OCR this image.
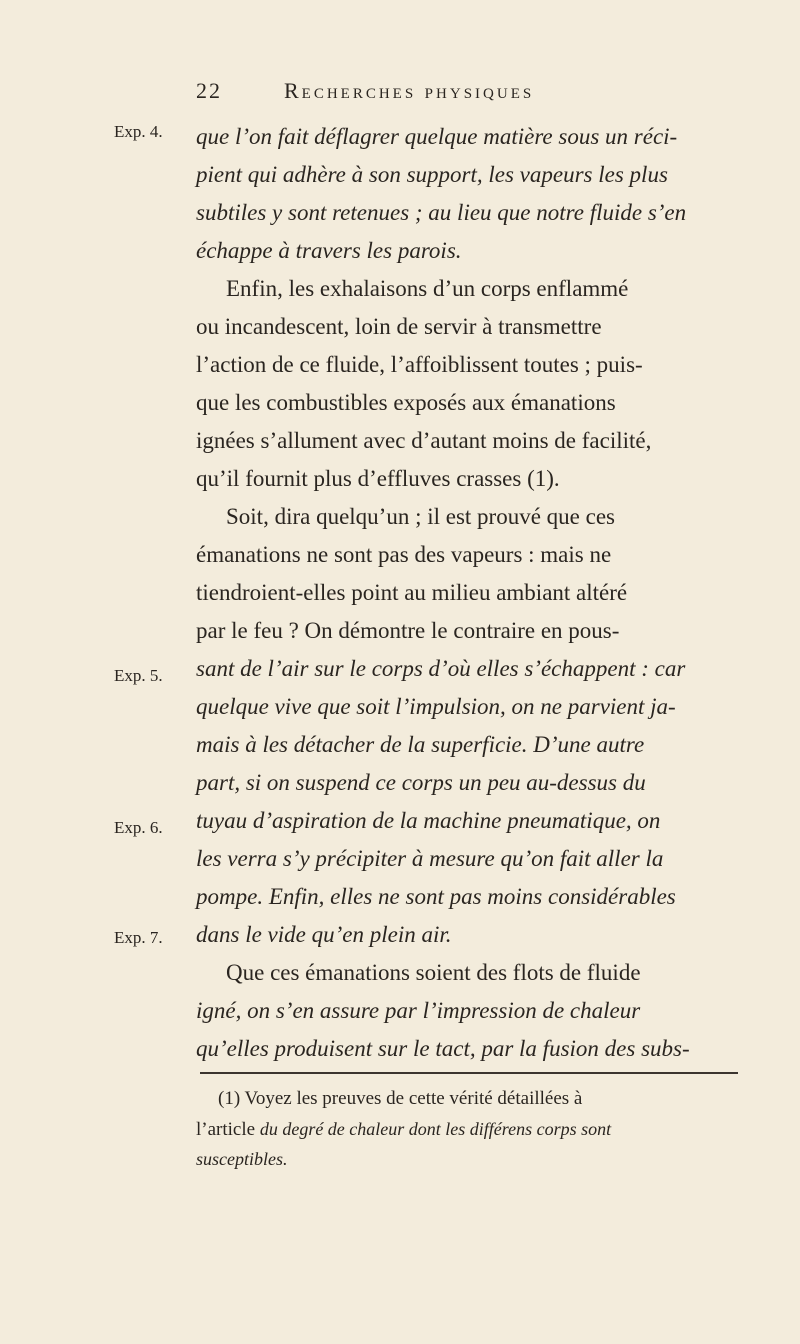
22	Recherches physiques
Exp. 4.
Exp. 5.
Exp. 6.
Exp. 7.
que l’on fait déflagrer quelque matière sous un réci-
pient qui adhère à son support, les vapeurs les plus
subtiles y sont retenues ; au lieu que notre fluide s’en
échappe à travers les parois.
Enfin, les exhalaisons d’un corps enflammé
ou incandescent, loin de servir à transmettre
l’action de ce fluide, l’affoiblissent toutes ; puis-
que les combustibles exposés aux émanations
ignées s’allument avec d’autant moins de facilité,
qu’il fournit plus d’effluves crasses (1).
Soit, dira quelqu’un ; il est prouvé que ces
émanations ne sont pas des vapeurs : mais ne
tiendroient-elles point au milieu ambiant altéré
par le feu ? On démontre le contraire en pous-
sant de l’air sur le corps d’où elles s’échappent : car
quelque vive que soit l’impulsion, on ne parvient ja-
mais à les détacher de la superficie. D’une autre
part, si on suspend ce corps un peu au-dessus du
tuyau d’aspiration de la machine pneumatique, on
les verra s’y précipiter à mesure qu’on fait aller la
pompe. Enfin, elles ne sont pas moins considérables
dans le vide qu’en plein air.
Que ces émanations soient des flots de fluide
igné, on s’en assure par l’impression de chaleur
qu’elles produisent sur le tact, par la fusion des subs-
(1) Voyez les preuves de cette vérité détaillées à
l’article du degré de chaleur dont les différens corps sont
susceptibles.
